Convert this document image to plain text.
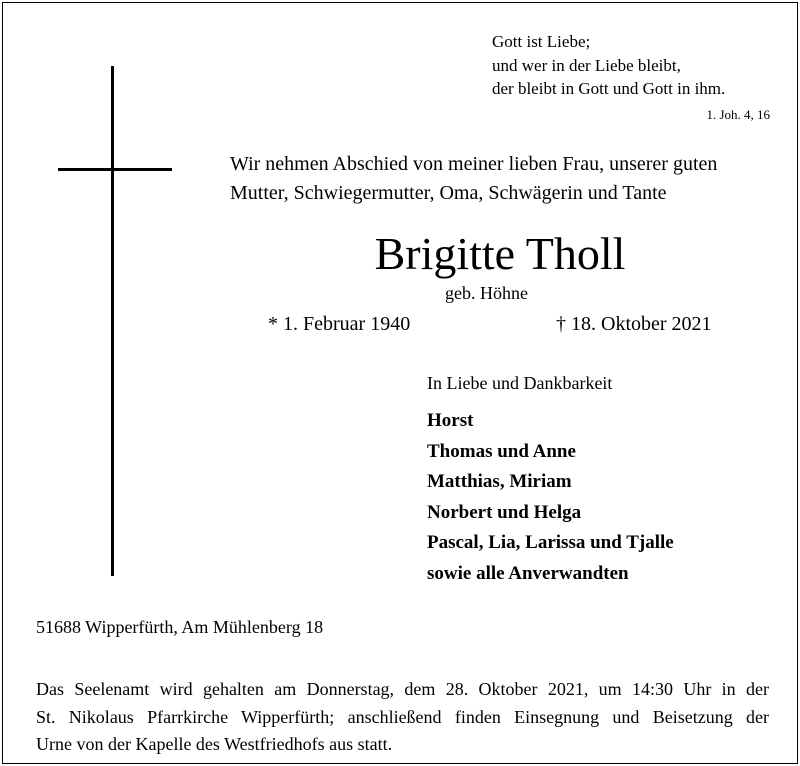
Gott ist Liebe;
und wer in der Liebe bleibt,
der bleibt in Gott und Gott in ihm.
1. Joh. 4, 16
Wir nehmen Abschied von meiner lieben Frau, unserer guten
Mutter, Schwiegermutter, Oma, Schwägerin und Tante
Brigitte Tholl
geb. Höhne
* 1. Februar 1940	† 18. Oktober 2021
In Liebe und Dankbarkeit
Horst
Thomas und Anne
Matthias, Miriam
Norbert und Helga
Pascal, Lia, Larissa und Tjalle
sowie alle Anverwandten
51688 Wipperfürth, Am Mühlenberg 18
Das Seelenamt wird gehalten am Donnerstag, dem 28. Oktober 2021, um 14:30 Uhr in der
St. Nikolaus Pfarrkirche Wipperfürth; anschließend finden Einsegnung und Beisetzung der
Urne von der Kapelle des Westfriedhofs aus statt.
